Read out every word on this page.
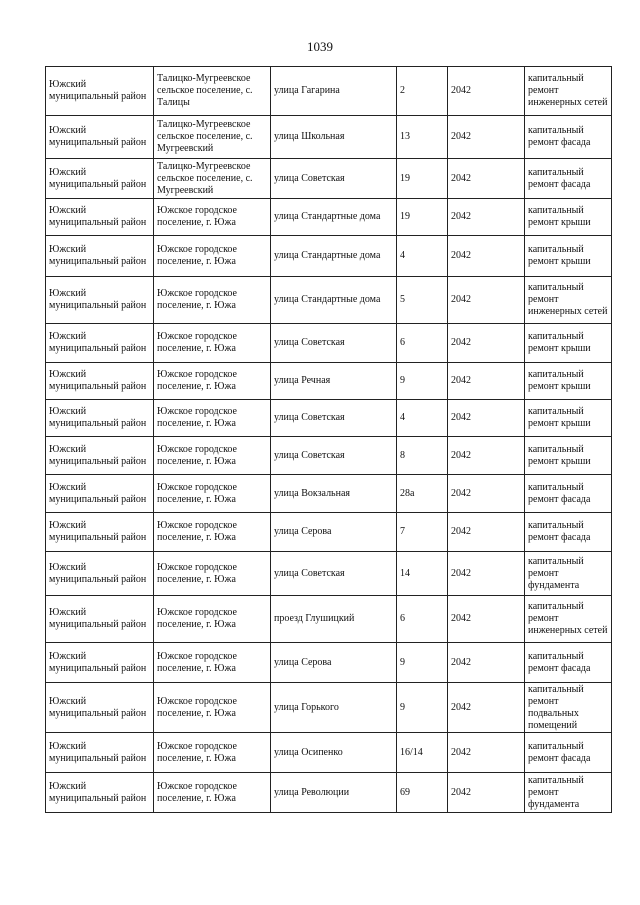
1039
Южский муниципальный район	Талицко-Мугреевское сельское поселение, с. Талицы	улица Гагарина	2	2042	капитальный ремонт инженерных сетей
Южский муниципальный район	Талицко-Мугреевское сельское поселение, с. Мугреевский	улица Школьная	13	2042	капитальный ремонт фасада
Южский муниципальный район	Талицко-Мугреевское сельское поселение, с. Мугреевский	улица Советская	19	2042	капитальный ремонт фасада
Южский муниципальный район	Южское городское поселение, г. Южа	улица Стандартные дома	19	2042	капитальный ремонт крыши
Южский муниципальный район	Южское городское поселение, г. Южа	улица Стандартные дома	4	2042	капитальный ремонт крыши
Южский муниципальный район	Южское городское поселение, г. Южа	улица Стандартные дома	5	2042	капитальный ремонт инженерных сетей
Южский муниципальный район	Южское городское поселение, г. Южа	улица Советская	6	2042	капитальный ремонт крыши
Южский муниципальный район	Южское городское поселение, г. Южа	улица Речная	9	2042	капитальный ремонт крыши
Южский муниципальный район	Южское городское поселение, г. Южа	улица Советская	4	2042	капитальный ремонт крыши
Южский муниципальный район	Южское городское поселение, г. Южа	улица Советская	8	2042	капитальный ремонт крыши
Южский муниципальный район	Южское городское поселение, г. Южа	улица Вокзальная	28а	2042	капитальный ремонт фасада
Южский муниципальный район	Южское городское поселение, г. Южа	улица Серова	7	2042	капитальный ремонт фасада
Южский муниципальный район	Южское городское поселение, г. Южа	улица Советская	14	2042	капитальный ремонт фундамента
Южский муниципальный район	Южское городское поселение, г. Южа	проезд Глушицкий	6	2042	капитальный ремонт инженерных сетей
Южский муниципальный район	Южское городское поселение, г. Южа	улица Серова	9	2042	капитальный ремонт фасада
Южский муниципальный район	Южское городское поселение, г. Южа	улица Горького	9	2042	капитальный ремонт подвальных помещений
Южский муниципальный район	Южское городское поселение, г. Южа	улица Осипенко	16/14	2042	капитальный ремонт фасада
Южский муниципальный район	Южское городское поселение, г. Южа	улица Революции	69	2042	капитальный ремонт фундамента
